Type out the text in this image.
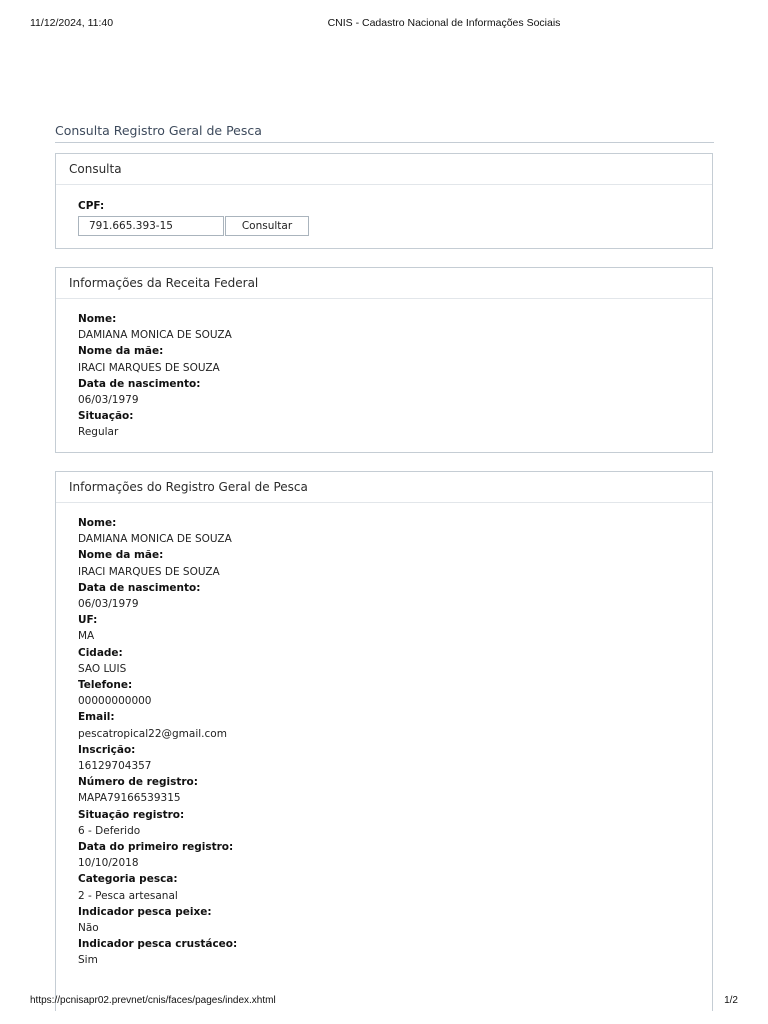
11/12/2024, 11:40	CNIS - Cadastro Nacional de Informações Sociais
Consulta Registro Geral de Pesca
Consulta
CPF:
791.665.393-15
Consultar
Informações da Receita Federal
Nome:
DAMIANA MONICA DE SOUZA
Nome da mãe:
IRACI MARQUES DE SOUZA
Data de nascimento:
06/03/1979
Situação:
Regular
Informações do Registro Geral de Pesca
Nome:
DAMIANA MONICA DE SOUZA
Nome da mãe:
IRACI MARQUES DE SOUZA
Data de nascimento:
06/03/1979
UF:
MA
Cidade:
SAO LUIS
Telefone:
00000000000
Email:
pescatropical22@gmail.com
Inscrição:
16129704357
Número de registro:
MAPA79166539315
Situação registro:
6 - Deferido
Data do primeiro registro:
10/10/2018
Categoria pesca:
2 - Pesca artesanal
Indicador pesca peixe:
Não
Indicador pesca crustáceo:
Sim
https://pcnisapr02.prevnet/cnis/faces/pages/index.xhtml	1/2
